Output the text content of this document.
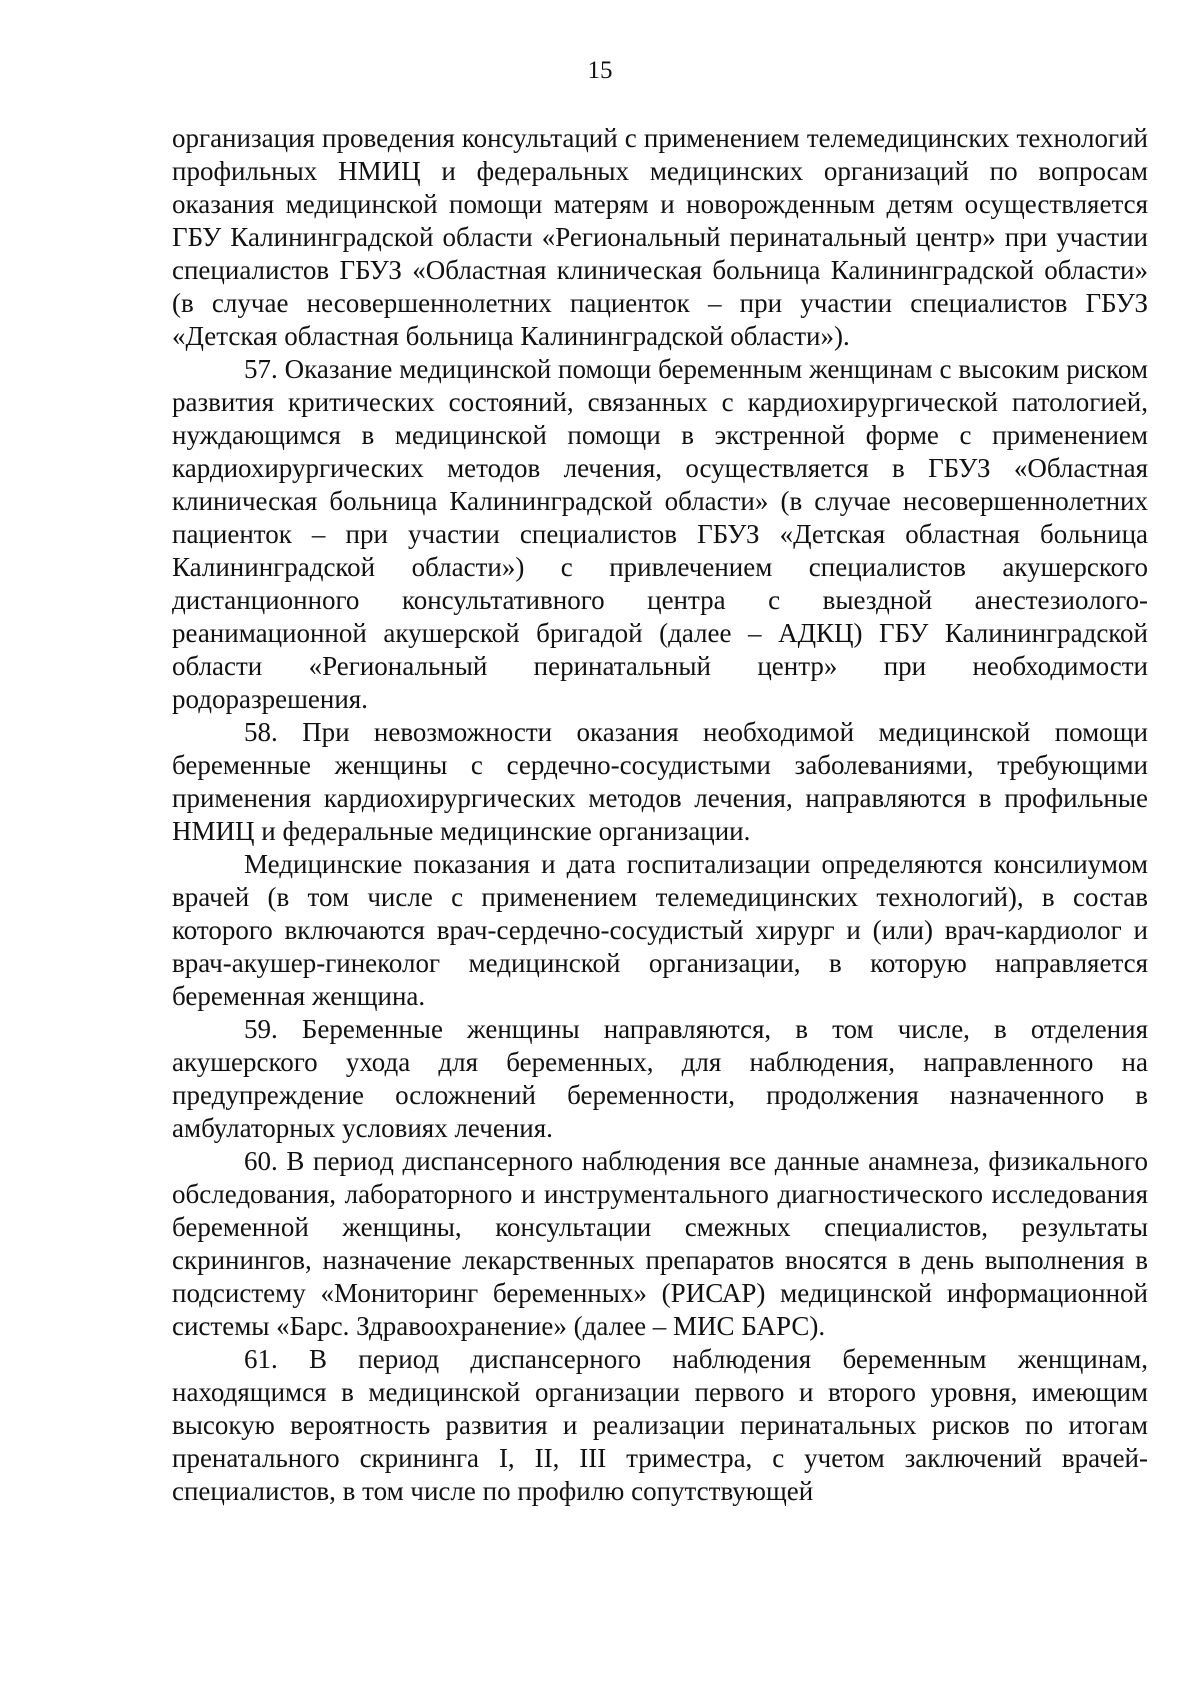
15

организация проведения консультаций с применением телемедицинских технологий профильных НМИЦ и федеральных медицинских организаций по вопросам оказания медицинской помощи матерям и новорожденным детям осуществляется ГБУ Калининградской области «Региональный перинатальный центр» при участии специалистов ГБУЗ «Областная клиническая больница Калининградской области» (в случае несовершеннолетних пациенток – при участии специалистов ГБУЗ «Детская областная больница Калининградской области»).

57. Оказание медицинской помощи беременным женщинам с высоким риском развития критических состояний, связанных с кардиохирургической патологией, нуждающимся в медицинской помощи в экстренной форме с применением кардиохирургических методов лечения, осуществляется в ГБУЗ «Областная клиническая больница Калининградской области» (в случае несовершеннолетних пациенток – при участии специалистов ГБУЗ «Детская областная больница Калининградской области») с привлечением специалистов акушерского дистанционного консультативного центра с выездной анестезиолого-реанимационной акушерской бригадой (далее – АДКЦ) ГБУ Калининградской области «Региональный перинатальный центр» при необходимости родоразрешения.

58. При невозможности оказания необходимой медицинской помощи беременные женщины с сердечно-сосудистыми заболеваниями, требующими применения кардиохирургических методов лечения, направляются в профильные НМИЦ и федеральные медицинские организации.

Медицинские показания и дата госпитализации определяются консилиумом врачей (в том числе с применением телемедицинских технологий), в состав которого включаются врач-сердечно-сосудистый хирург и (или) врач-кардиолог и врач-акушер-гинеколог медицинской организации, в которую направляется беременная женщина.

59. Беременные женщины направляются, в том числе, в отделения акушерского ухода для беременных, для наблюдения, направленного на предупреждение осложнений беременности, продолжения назначенного в амбулаторных условиях лечения.

60. В период диспансерного наблюдения все данные анамнеза, физикального обследования, лабораторного и инструментального диагностического исследования беременной женщины, консультации смежных специалистов, результаты скринингов, назначение лекарственных препаратов вносятся в день выполнения в подсистему «Мониторинг беременных» (РИСАР) медицинской информационной системы «Барс. Здравоохранение» (далее – МИС БАРС).

61. В период диспансерного наблюдения беременным женщинам, находящимся в медицинской организации первого и второго уровня, имеющим высокую вероятность развития и реализации перинатальных рисков по итогам пренатального скрининга I, II, III триместра, с учетом заключений врачей-специалистов, в том числе по профилю сопутствующей
